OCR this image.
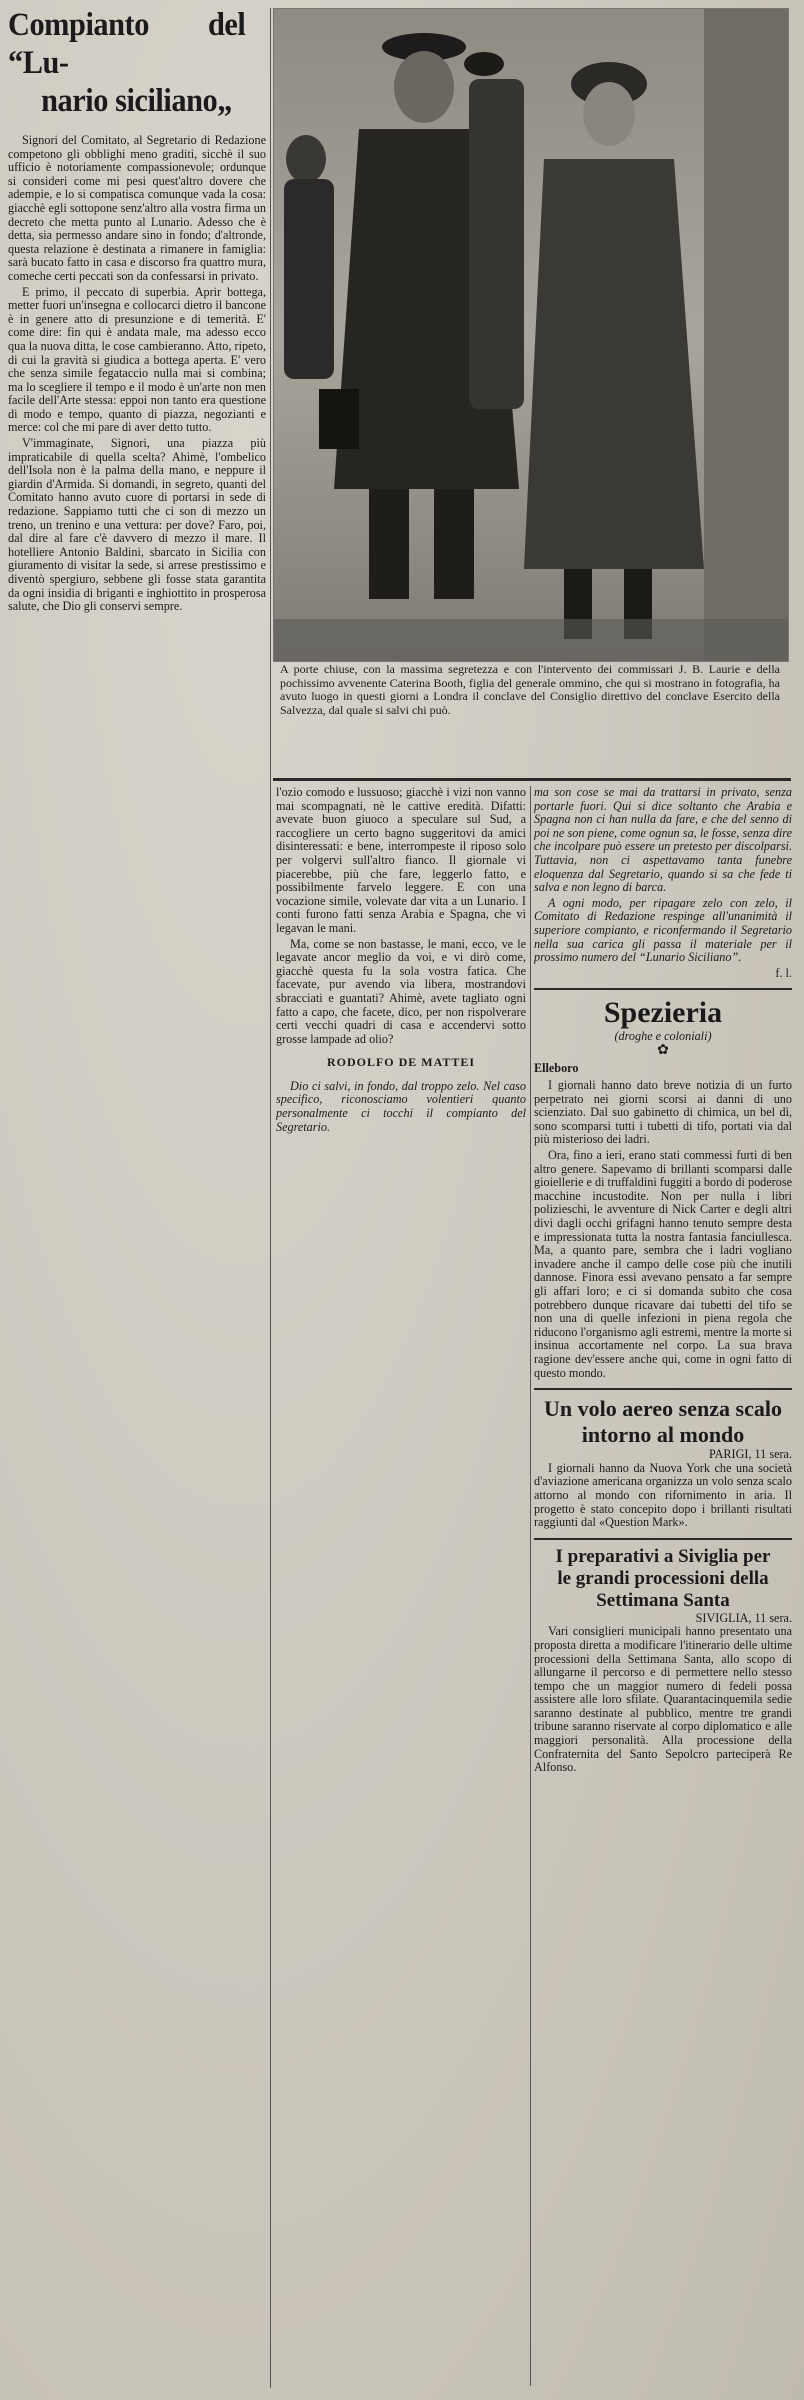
Compianto del “Lu-
nario siciliano„

Signori del Comitato, al Segretario di Redazione competono gli obblighi meno graditi, sicchè il suo ufficio è notoriamente compassionevole; ordunque si consideri come mi pesi quest'altro dovere che adempie, e lo si compatisca comunque vada la cosa: giacchè egli sottopone senz'altro alla vostra firma un decreto che metta punto al Lunario. Adesso che è detta, sia permesso andare sino in fondo; d'altronde, questa relazione è destinata a rimanere in famiglia: sarà bucato fatto in casa e discorso fra quattro mura, comeche certi peccati son da confessarsi in privato.

E primo, il peccato di superbia. Aprir bottega, metter fuori un'insegna e collocarci dietro il bancone è in genere atto di presunzione e di temerità. E' come dire: fin qui è andata male, ma adesso ecco qua la nuova ditta, le cose cambieranno. Atto, ripeto, di cui la gravità si giudica a bottega aperta. E' vero che senza simile fegataccio nulla mai si combina; ma lo scegliere il tempo e il modo è un'arte non men facile dell'Arte stessa: eppoi non tanto era questione di modo e tempo, quanto di piazza, negozianti e merce: col che mi pare di aver detto tutto.

V'immaginate, Signori, una piazza più impraticabile di quella scelta? Ahimè, l'ombelico dell'Isola non è la palma della mano, e neppure il giardin d'Armida. Si domandi, in segreto, quanti del Comitato hanno avuto cuore di portarsi in sede di redazione. Sappiamo tutti che ci son di mezzo un treno, un trenino e una vettura: per dove? Faro, poi, dal dire al fare c'è davvero di mezzo il mare. Il hotelliere Antonio Baldini, sbarcato in Sicilia con giuramento di visitar la sede, si arrese prestissimo e diventò spergiuro, sebbene gli fosse stata garantita da ogni insidia di briganti e inghiottito in prosperosa salute, che Dio gli conservi sempre.

A porte chiuse, con la massima segretezza e con l'intervento dei commissari J. B. Laurie e della pochissimo avvenente Caterina Booth, figlia del generale ommino, che qui si mostrano in fotografia, ha avuto luogo in questi giorni a Londra il conclave del Consiglio direttivo del conclave Esercito della Salvezza, dal quale si salvi chi può.

l'ozio comodo e lussuoso; giacchè i vizi non vanno mai scompagnati, nè le cattive eredità. Difatti: avevate buon giuoco a speculare sul Sud, a raccogliere un certo bagno suggeritovi da amici disinteressati: e bene, interrompeste il riposo solo per volgervi sull'altro fianco. Il giornale vi piacerebbe, più che fare, leggerlo fatto, e possibilmente farvelo leggere. E con una vocazione simile, volevate dar vita a un Lunario. I conti furono fatti senza Arabia e Spagna, che vi legavan le mani.

Ma, come se non bastasse, le mani, ecco, ve le legavate ancor meglio da voi, e vi dirò come, giacchè questa fu la sola vostra fatica. Che facevate, pur avendo via libera, mostrandovi sbracciati e guantati? Ahimè, avete tagliato ogni fatto a capo, che facete, dico, per non rispolverare certi vecchi quadri di casa e accendervi sotto grosse lampade ad olio?

RODOLFO DE MATTEI

Dio ci salvi, in fondo, dal troppo zelo. Nel caso specifico, riconosciamo volentieri quanto personalmente ci tocchi il compianto del Segretario.

ma son cose se mai da trattarsi in privato, senza portarle fuori. Qui si dice soltanto che Arabia e Spagna non ci han nulla da fare, e che del senno di poi ne son piene, come ognun sa, le fosse, senza dire che incolpare può essere un pretesto per discolparsi. Tuttavia, non ci aspettavamo tanta funebre eloquenza dal Segretario, quando si sa che fede ti salva e non legno di barca.

A ogni modo, per ripagare zelo con zelo, il Comitato di Redazione respinge all'unanimità il superiore compianto, e riconfermando il Segretario nella sua carica gli passa il materiale per il prossimo numero del “Lunario Siciliano”.

f. l.
Spezieria
(droghe e coloniali)
✿
Elleboro

I giornali hanno dato breve notizia di un furto perpetrato nei giorni scorsi ai danni di uno scienziato. Dal suo gabinetto di chimica, un bel dì, sono scomparsi tutti i tubetti di tifo, portati via dal più misterioso dei ladri.

Ora, fino a ieri, erano stati commessi furti di ben altro genere. Sapevamo di brillanti scomparsi dalle gioiellerie e di truffaldini fuggiti a bordo di poderose macchine incustodite. Non per nulla i libri polizieschi, le avventure di Nick Carter e degli altri divi dagli occhi grifagni hanno tenuto sempre desta e impressionata tutta la nostra fantasia fanciullesca. Ma, a quanto pare, sembra che i ladri vogliano invadere anche il campo delle cose più che inutili dannose. Finora essi avevano pensato a far sempre gli affari loro; e ci si domanda subito che cosa potrebbero dunque ricavare dai tubetti del tifo se non una di quelle infezioni in piena regola che riducono l'organismo agli estremi, mentre la morte si insinua accortamente nel corpo. La sua brava ragione dev'essere anche qui, come in ogni fatto di questo mondo.

Un volo aereo senza scalo
intorno al mondo
PARIGI, 11 sera.

I giornali hanno da Nuova York che una società d'aviazione americana organizza un volo senza scalo attorno al mondo con rifornimento in aria. Il progetto è stato concepito dopo i brillanti risultati raggiunti dal «Question Mark».

I preparativi a Siviglia per
le grandi processioni della
Settimana Santa
SIVIGLIA, 11 sera.

Vari consiglieri municipali hanno presentato una proposta diretta a modificare l'itinerario delle ultime processioni della Settimana Santa, allo scopo di allungarne il percorso e di permettere nello stesso tempo che un maggior numero di fedeli possa assistere alle loro sfilate. Quarantacinquemila sedie saranno destinate al pubblico, mentre tre grandi tribune saranno riservate al corpo diplomatico e alle maggiori personalità. Alla processione della Confraternita del Santo Sepolcro parteciperà Re Alfonso.
